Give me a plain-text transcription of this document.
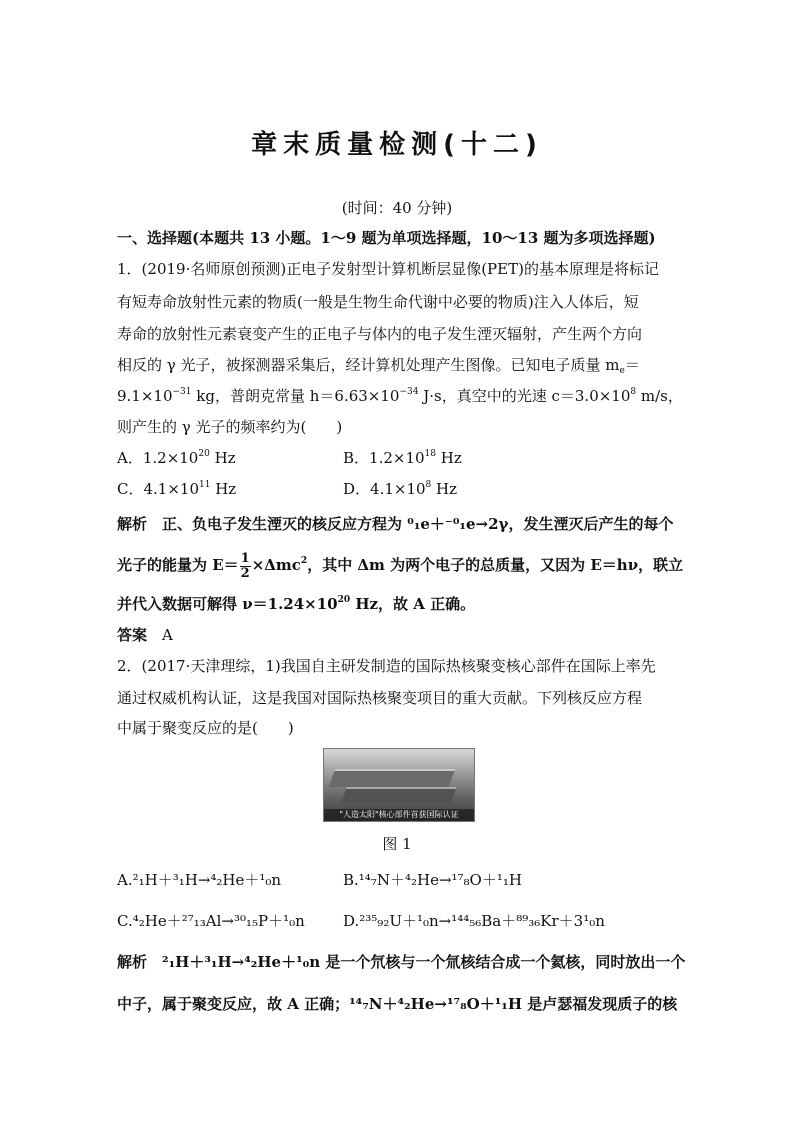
章末质量检测(十二)
(时间：40 分钟)
一、选择题(本题共 13 小题。1～9 题为单项选择题，10～13 题为多项选择题)
1．(2019·名师原创预测)正电子发射型计算机断层显像(PET)的基本原理是将标记
有短寿命放射性元素的物质(一般是生物生命代谢中必要的物质)注入人体后，短
寿命的放射性元素衰变产生的正电子与体内的电子发生湮灭辐射，产生两个方向
相反的 γ 光子，被探测器采集后，经计算机处理产生图像。已知电子质量 $m_e=$
$9.1\times 10^{-31}$ kg，普朗克常量 $h=6.63\times 10^{-34}$ J·s，真空中的光速 $c=3.0\times 10^8$ m/s，
则产生的 γ 光子的频率约为(　　)
A．$1.2\times 10^{20}$ Hz	B．$1.2\times 10^{18}$ Hz
C．$4.1\times 10^{11}$ Hz	D．$4.1\times 10^8$ Hz
解析　正、负电子发生湮灭的核反应方程为 ⁰₁e＋⁻⁰₁e→2γ，发生湮灭后产生的每个
光子的能量为 $E= \frac{1}{2} \times\Delta mc^2$，其中 Δm 为两个电子的总质量，又因为 E＝hν，联立
并代入数据可解得 $\nu=1.24\times 10^{20}$ Hz，故 A 正确。
答案　A
2．(2017·天津理综，1)我国自主研发制造的国际热核聚变核心部件在国际上率先
通过权威机构认证，这是我国对国际热核聚变项目的重大贡献。下列核反应方程
中属于聚变反应的是(　　)
"人造太阳"核心部件首获国际认证
图 1
A.²₁H＋³₁H→⁴₂He＋¹₀n	B.¹⁴₇N＋⁴₂He→¹⁷₈O＋¹₁H
C.⁴₂He＋²⁷₁₃Al→³⁰₁₅P＋¹₀n	D.²³⁵₉₂U＋¹₀n→¹⁴⁴₅₆Ba＋⁸⁹₃₆Kr＋3¹₀n
解析　²₁H＋³₁H→⁴₂He＋¹₀n 是一个氘核与一个氚核结合成一个氦核，同时放出一个
中子，属于聚变反应，故 A 正确；¹⁴₇N＋⁴₂He→¹⁷₈O＋¹₁H 是卢瑟福发现质子的核
